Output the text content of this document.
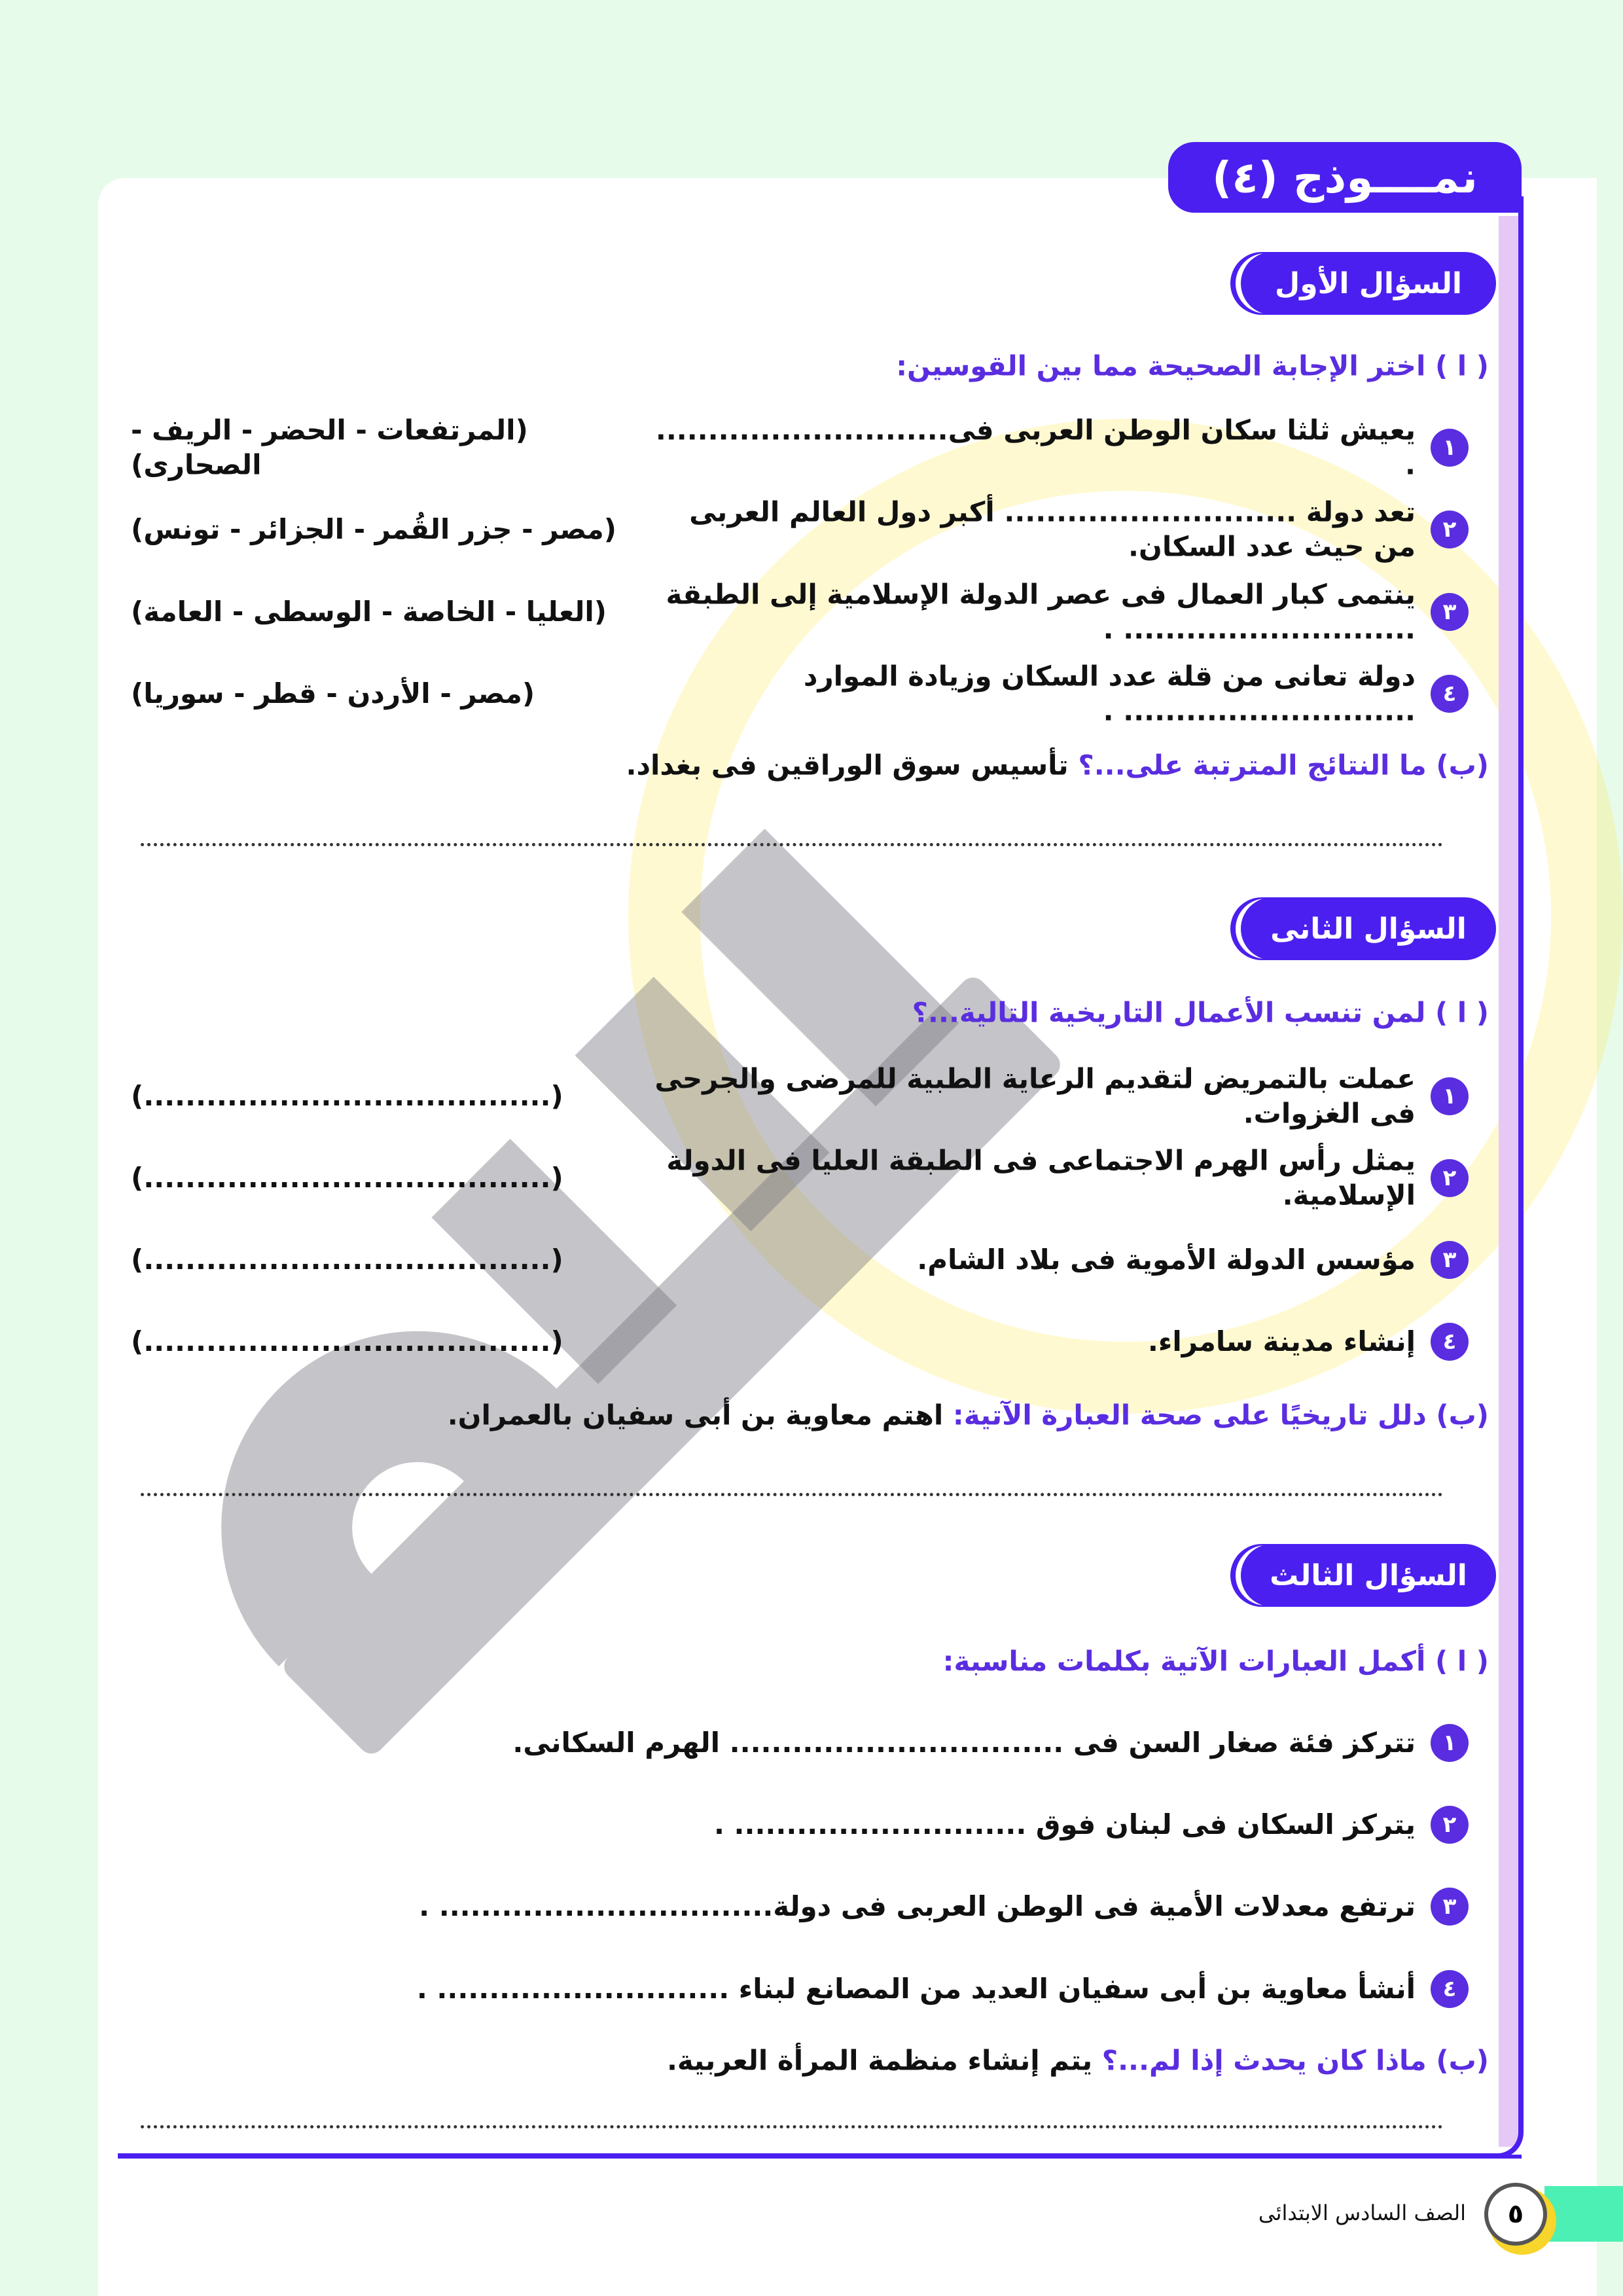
نمــــوذج (٤)
السؤال الأول
( ا ) اختر الإجابة الصحيحة مما بين القوسين:
١
يعيش ثلثا سكان الوطن العربى فى............................ .
(المرتفعات - الحضر - الريف - الصحارى)
٢
تعد دولة ............................ أكبر دول العالم العربى من حيث عدد السكان.
(مصر - جزر القُمر - الجزائر - تونس)
٣
ينتمى كبار العمال فى عصر الدولة الإسلامية إلى الطبقة ............................ .
(العليا - الخاصة - الوسطى - العامة)
٤
دولة تعانى من قلة عدد السكان وزيادة الموارد ............................ .
(مصر - الأردن - قطر - سوريا)
(ب) ما النتائج المترتبة على...؟ تأسيس سوق الوراقين فى بغداد.
السؤال الثانى
( ا ) لمن تنسب الأعمال التاريخية التالية...؟
١
عملت بالتمريض لتقديم الرعاية الطبية للمرضى والجرحى فى الغزوات.
(.......................................)
٢
يمثل رأس الهرم الاجتماعى فى الطبقة العليا فى الدولة الإسلامية.
(.......................................)
٣
مؤسس الدولة الأموية فى بلاد الشام.
(.......................................)
٤
إنشاء مدينة سامراء.
(.......................................)
(ب) دلل تاريخيًا على صحة العبارة الآتية: اهتم معاوية بن أبى سفيان بالعمران.
السؤال الثالث
( ا ) أكمل العبارات الآتية بكلمات مناسبة:
١
تتركز فئة صغار السن فى ................................ الهرم السكانى.
٢
يتركز السكان فى لبنان فوق ............................ .
٣
ترتفع معدلات الأمية فى الوطن العربى فى دولة................................ .
٤
أنشأ معاوية بن أبى سفيان العديد من المصانع لبناء ............................ .
(ب) ماذا كان يحدث إذا لم...؟ يتم إنشاء منظمة المرأة العربية.
٥
الصف السادس الابتدائى
